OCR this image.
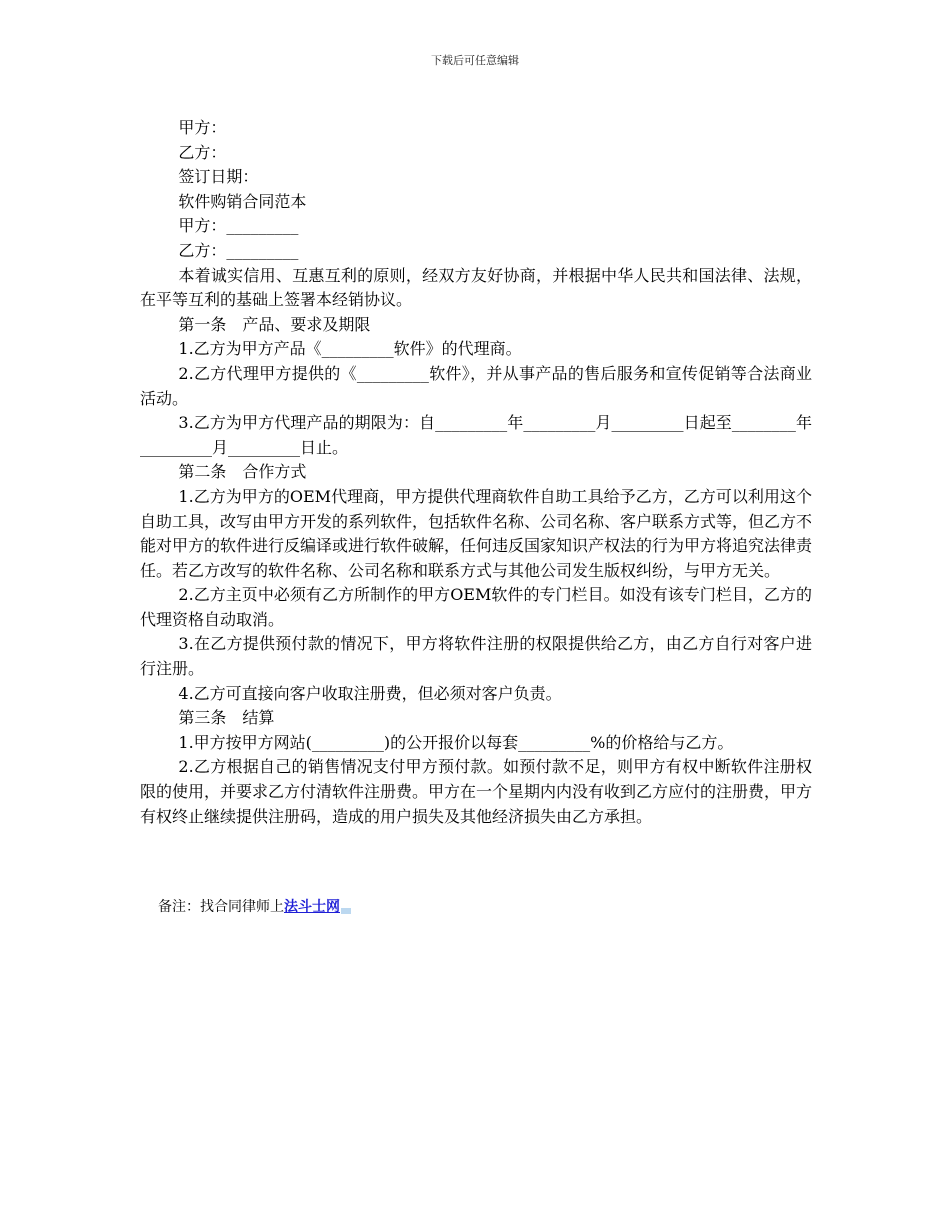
下载后可任意编辑

甲方：

乙方：

签订日期：

软件购销合同范本

甲方：_________

乙方：_________

本着诚实信用、互惠互利的原则，经双方友好协商，并根据中华人民共和国法律、法规，在平等互利的基础上签署本经销协议。

第一条　产品、要求及期限

1.乙方为甲方产品《_________软件》的代理商。

2.乙方代理甲方提供的《_________软件》，并从事产品的售后服务和宣传促销等合法商业活动。

3.乙方为甲方代理产品的期限为：自_________年_________月_________日起至________年_________月_________日止。

第二条　合作方式

1.乙方为甲方的OEM代理商，甲方提供代理商软件自助工具给予乙方，乙方可以利用这个自助工具，改写由甲方开发的系列软件，包括软件名称、公司名称、客户联系方式等，但乙方不能对甲方的软件进行反编译或进行软件破解，任何违反国家知识产权法的行为甲方将追究法律责任。若乙方改写的软件名称、公司名称和联系方式与其他公司发生版权纠纷，与甲方无关。

2.乙方主页中必须有乙方所制作的甲方OEM软件的专门栏目。如没有该专门栏目，乙方的代理资格自动取消。

3.在乙方提供预付款的情况下，甲方将软件注册的权限提供给乙方，由乙方自行对客户进行注册。

4.乙方可直接向客户收取注册费，但必须对客户负责。

第三条　结算

1.甲方按甲方网站(_________)的公开报价以每套_________%的价格给与乙方。

2.乙方根据自己的销售情况支付甲方预付款。如预付款不足，则甲方有权中断软件注册权限的使用，并要求乙方付清软件注册费。甲方在一个星期内内没有收到乙方应付的注册费，甲方有权终止继续提供注册码，造成的用户损失及其他经济损失由乙方承担。

备注：找合同律师上法斗士网
